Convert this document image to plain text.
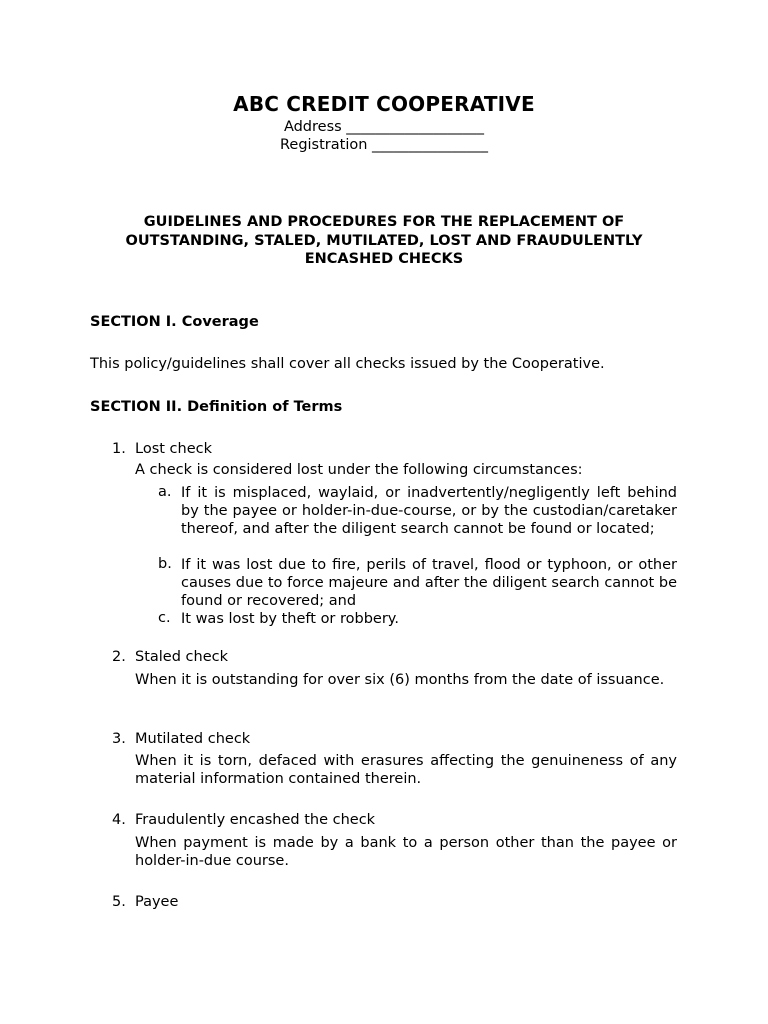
ABC CREDIT COOPERATIVE
Address ___________________
Registration ________________
GUIDELINES AND PROCEDURES FOR THE REPLACEMENT OF
OUTSTANDING, STALED, MUTILATED, LOST AND FRAUDULENTLY
ENCASHED CHECKS
SECTION I. Coverage
This policy/guidelines shall cover all checks issued by the Cooperative.
SECTION II. Definition of Terms
1. Lost check
A check is considered lost under the following circumstances:
a. If it is misplaced, waylaid, or inadvertently/negligently left behind by the payee or holder-in-due-course, or by the custodian/caretaker thereof, and after the diligent search cannot be found or located;
b. If it was lost due to fire, perils of travel, flood or typhoon, or other causes due to force majeure and after the diligent search cannot be found or recovered; and
c. It was lost by theft or robbery.
2. Staled check
When it is outstanding for over six (6) months from the date of issuance.
3. Mutilated check
When it is torn, defaced with erasures affecting the genuineness of any material information contained therein.
4. Fraudulently encashed the check
When payment is made by a bank to a person other than the payee or holder-in-due course.
5. Payee
